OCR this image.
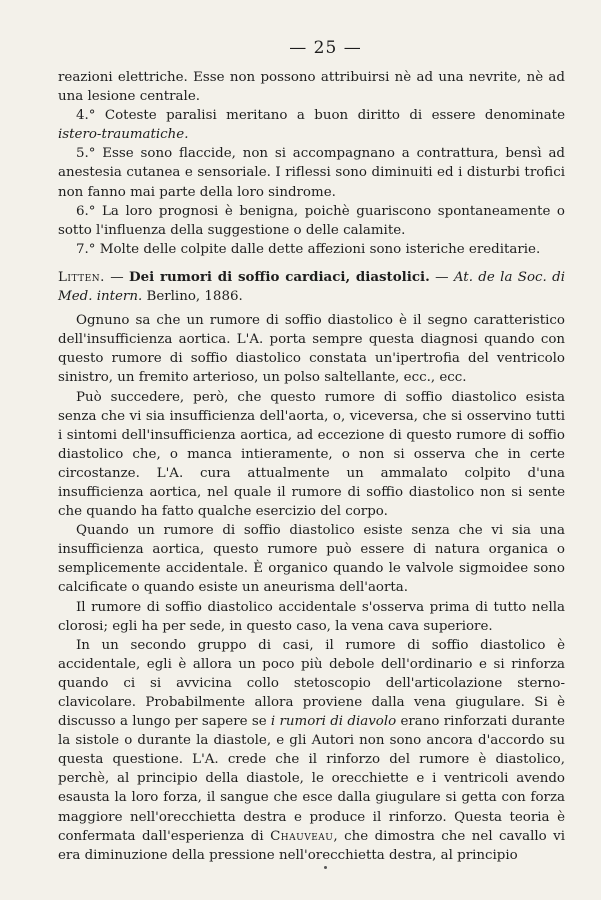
— 25 —

reazioni elettriche. Esse non possono attribuirsi nè ad una nevrite, nè ad una lesione centrale.

4.° Coteste paralisi meritano a buon diritto di essere denominate istero-traumatiche.

5.° Esse sono flaccide, non si accompagnano a contrattura, bensì ad anestesia cutanea e sensoriale. I riflessi sono diminuiti ed i disturbi trofici non fanno mai parte della loro sindrome.

6.° La loro prognosi è benigna, poichè guariscono spontaneamente o sotto l'influenza della suggestione o delle calamite.

7.° Molte delle colpite dalle dette affezioni sono isteriche ereditarie.

Litten. — Dei rumori di soffio cardiaci, diastolici. — At. de la Soc. di Med. intern. Berlino, 1886.

Ognuno sa che un rumore di soffio diastolico è il segno caratteristico dell'insufficienza aortica. L'A. porta sempre questa diagnosi quando con questo rumore di soffio diastolico constata un'ipertrofia del ventricolo sinistro, un fremito arterioso, un polso saltellante, ecc., ecc.

Può succedere, però, che questo rumore di soffio diastolico esista senza che vi sia insufficienza dell'aorta, o, viceversa, che si osservino tutti i sintomi dell'insufficienza aortica, ad eccezione di questo rumore di soffio diastolico che, o manca intieramente, o non si osserva che in certe circostanze. L'A. cura attualmente un ammalato colpito d'una insufficienza aortica, nel quale il rumore di soffio diastolico non si sente che quando ha fatto qualche esercizio del corpo.

Quando un rumore di soffio diastolico esiste senza che vi sia una insufficienza aortica, questo rumore può essere di natura organica o semplicemente accidentale. È organico quando le valvole sigmoidee sono calcificate o quando esiste un aneurisma dell'aorta.

Il rumore di soffio diastolico accidentale s'osserva prima di tutto nella clorosi; egli ha per sede, in questo caso, la vena cava superiore.

In un secondo gruppo di casi, il rumore di soffio diastolico è accidentale, egli è allora un poco più debole dell'ordinario e si rinforza quando ci si avvicina collo stetoscopio dell'articolazione sterno-clavicolare. Probabilmente allora proviene dalla vena giugulare. Si è discusso a lungo per sapere se i rumori di diavolo erano rinforzati durante la sistole o durante la diastole, e gli Autori non sono ancora d'accordo su questa questione. L'A. crede che il rinforzo del rumore è diastolico, perchè, al principio della diastole, le orecchiette e i ventricoli avendo esausta la loro forza, il sangue che esce dalla giugulare si getta con forza maggiore nell'orecchietta destra e produce il rinforzo. Questa teoria è confermata dall'esperienza di Chauveau, che dimostra che nel cavallo vi era diminuzione della pressione nell'orecchietta destra, al principio
